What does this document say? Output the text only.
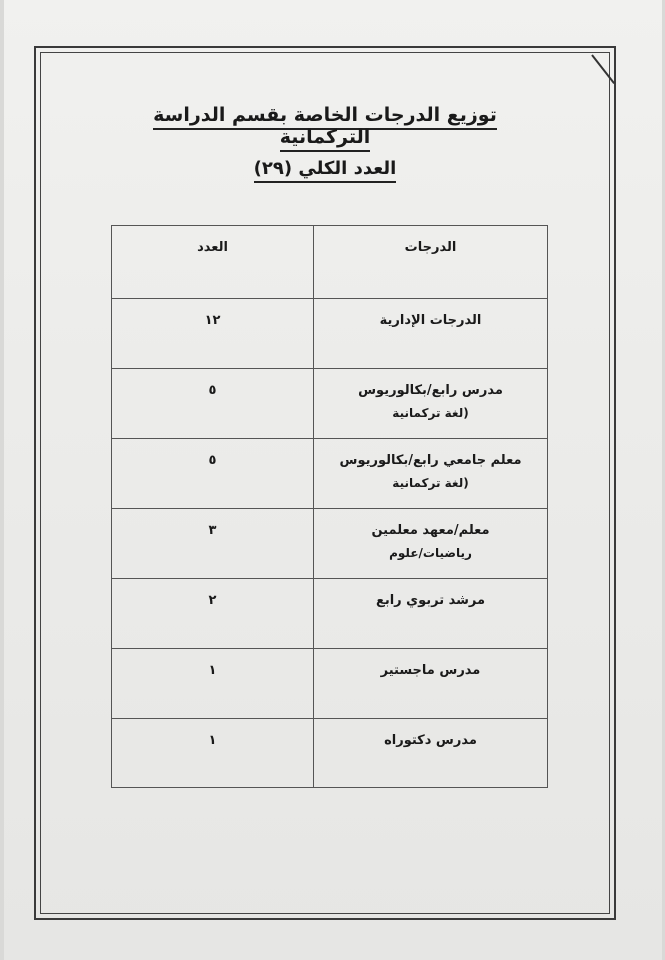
توزيع الدرجات الخاصة بقسم الدراسة التركمانية
العدد الكلي (٢٩)
الدرجات	العدد
الدرجات الإدارية	١٢
مدرس رابع/بكالوريوس
(لغة تركمانية	٥
معلم جامعي رابع/بكالوريوس
(لغة تركمانية	٥
معلم/معهد معلمين
رياضيات/علوم	٣
مرشد تربوي رابع	٢
مدرس ماجستير	١
مدرس دكتوراه	١
